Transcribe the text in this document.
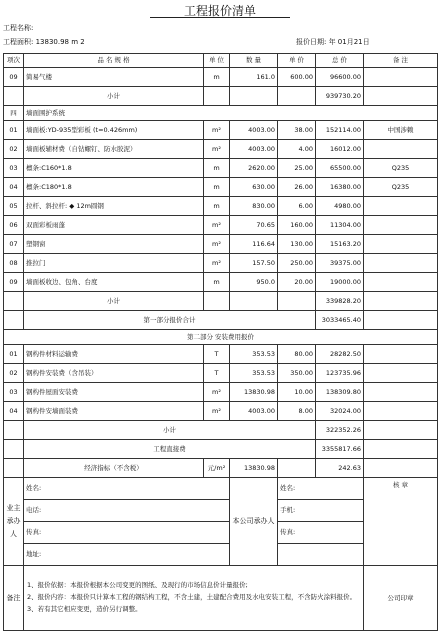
工程报价清单
工程名称:
工程面积: 13830.98 m 2	报价日期: 年 01月21日
项次	品 名 规 格	单 位	数 量	单 价	总 价	备 注
09	简易气楼	m	161.0	600.00	96600.00	
	小计				939730.20	
四	墙面围护系统					
01	墙面板:YD-935型彩板 (t=0.426mm)	m²	4003.00	38.00	152114.00	中国涉赖
02	墙面板辅材费（自钻螺钉、防水胶泥）	m²	4003.00	4.00	16012.00	
03	檩条:C160*1.8	m	2620.00	25.00	65500.00	Q235
04	檩条:C180*1.8	m	630.00	26.00	16380.00	Q235
05	拉杆、斜拉杆: ◆ 12m圆钢	m	830.00	6.00	4980.00	
06	双面彩板雨蓬	m²	70.65	160.00	11304.00	
07	塑钢窗	m²	116.64	130.00	15163.20	
08	推拉门	m²	157.50	250.00	39375.00	
09	墙面板收边、包角、台度	m	950.0	20.00	19000.00	
	小计				339828.20	
	第一部分报价合计				3033465.40	
第二部分 安装费用报价						
01	钢构件材料运输费	T	353.53	80.00	28282.50	
02	钢构件安装费（含吊装）	T	353.53	350.00	123735.96	
03	钢构件屋面安装费	m²	13830.98	10.00	138309.80	
04	钢构件安墙面装费	m²	4003.00	8.00	32024.00	
	小计				322352.26	
	工程直接费				3355817.66	
	经济指标（不含税）	元/m²	13830.98		242.63	
业主承办人	姓名:		本公司承办人	姓名:		核 章
	电话:			手机:		
	传真:			传真:		
	地址:					
备注	1、报价依据：本报价根据本公司变更的图纸、及现行的市场信息价计量报价;
2、报价内容：本报价只计算本工程的钢结构工程，不含土建，土建配合费用及水电安装工程，不含防火涂料报价。
3、若有其它相应变更，造价另行调整。					公司印章
